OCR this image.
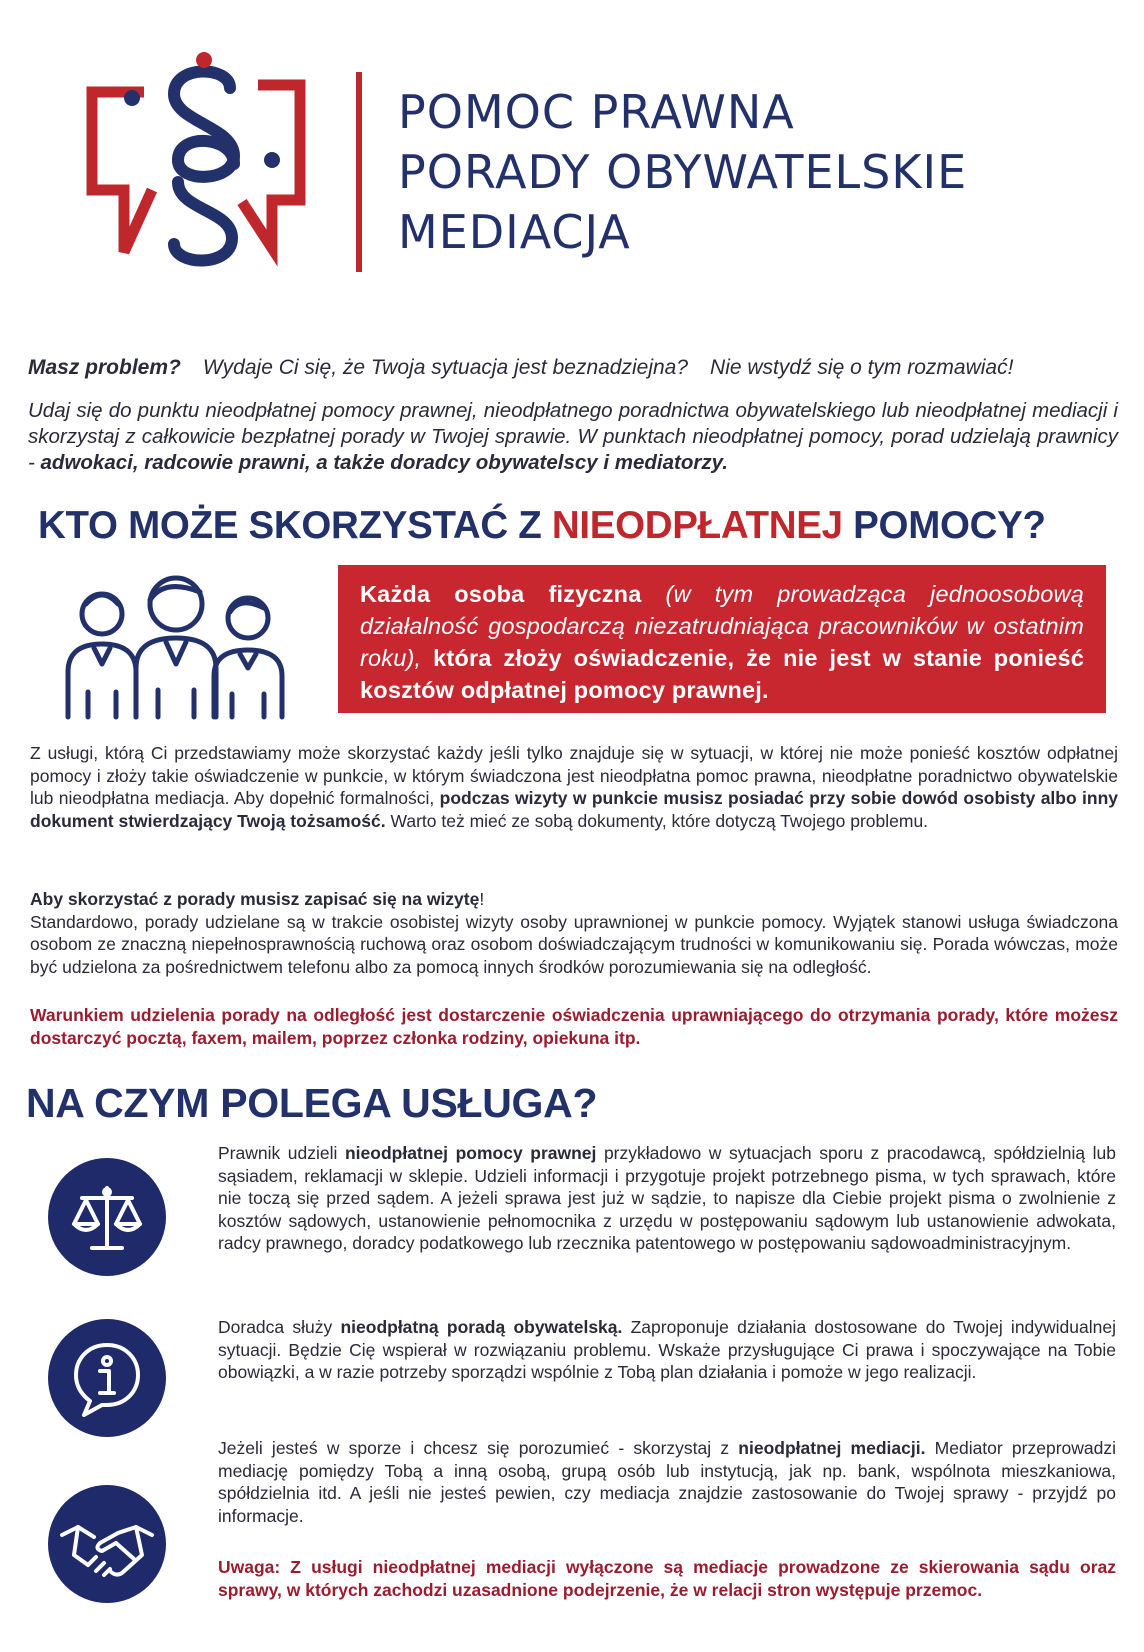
POMOC PRAWNA
PORADY OBYWATELSKIE
MEDIACJA
Masz problem? Wydaje Ci się, że Twoja sytuacja jest beznadziejna? Nie wstydź się o tym rozmawiać!
Udaj się do punktu nieodpłatnej pomocy prawnej, nieodpłatnego poradnictwa obywatelskiego lub nieodpłatnej mediacji i skorzystaj z całkowicie bezpłatnej porady w Twojej sprawie. W punktach nieodpłatnej pomocy, porad udzielają prawnicy - adwokaci, radcowie prawni, a także doradcy obywatelscy i mediatorzy.
KTO MOŻE SKORZYSTAĆ Z NIEODPŁATNEJ POMOCY?
Każda osoba fizyczna (w tym prowadząca jednoosobową działalność gospodarczą niezatrudniająca pracowników w ostatnim roku), która złoży oświadczenie, że nie jest w stanie ponieść kosztów odpłatnej pomocy prawnej.
Z usługi, którą Ci przedstawiamy może skorzystać każdy jeśli tylko znajduje się w sytuacji, w której nie może ponieść kosztów odpłatnej pomocy i złoży takie oświadczenie w punkcie, w którym świadczona jest nieodpłatna pomoc prawna, nieodpłatne poradnictwo obywatelskie lub nieodpłatna mediacja. Aby dopełnić formalności, podczas wizyty w punkcie musisz posiadać przy sobie dowód osobisty albo inny dokument stwierdzający Twoją tożsamość. Warto też mieć ze sobą dokumenty, które dotyczą Twojego problemu.
Aby skorzystać z porady musisz zapisać się na wizytę!
Standardowo, porady udzielane są w trakcie osobistej wizyty osoby uprawnionej w punkcie pomocy. Wyjątek stanowi usługa świadczona osobom ze znaczną niepełnosprawnością ruchową oraz osobom doświadczającym trudności w komunikowaniu się. Porada wówczas, może być udzielona za pośrednictwem telefonu albo za pomocą innych środków porozumiewania się na odległość.
Warunkiem udzielenia porady na odległość jest dostarczenie oświadczenia uprawniającego do otrzymania porady, które możesz dostarczyć pocztą, faxem, mailem, poprzez członka rodziny, opiekuna itp.
NA CZYM POLEGA USŁUGA?
Prawnik udzieli nieodpłatnej pomocy prawnej przykładowo w sytuacjach sporu z pracodawcą, spółdzielnią lub sąsiadem, reklamacji w sklepie. Udzieli informacji i przygotuje projekt potrzebnego pisma, w tych sprawach, które nie toczą się przed sądem. A jeżeli sprawa jest już w sądzie, to napisze dla Ciebie projekt pisma o zwolnienie z kosztów sądowych, ustanowienie pełnomocnika z urzędu w postępowaniu sądowym lub ustanowienie adwokata, radcy prawnego, doradcy podatkowego lub rzecznika patentowego w postępowaniu sądowoadministracyjnym.
Doradca służy nieodpłatną poradą obywatelską. Zaproponuje działania dostosowane do Twojej indywidualnej sytuacji. Będzie Cię wspierał w rozwiązaniu problemu. Wskaże przysługujące Ci prawa i spoczywające na Tobie obowiązki, a w razie potrzeby sporządzi wspólnie z Tobą plan działania i pomoże w jego realizacji.
Jeżeli jesteś w sporze i chcesz się porozumieć - skorzystaj z nieodpłatnej mediacji. Mediator przeprowadzi mediację pomiędzy Tobą a inną osobą, grupą osób lub instytucją, jak np. bank, wspólnota mieszkaniowa, spółdzielnia itd. A jeśli nie jesteś pewien, czy mediacja znajdzie zastosowanie do Twojej sprawy - przyjdź po informacje.
Uwaga: Z usługi nieodpłatnej mediacji wyłączone są mediacje prowadzone ze skierowania sądu oraz sprawy, w których zachodzi uzasadnione podejrzenie, że w relacji stron występuje przemoc.
